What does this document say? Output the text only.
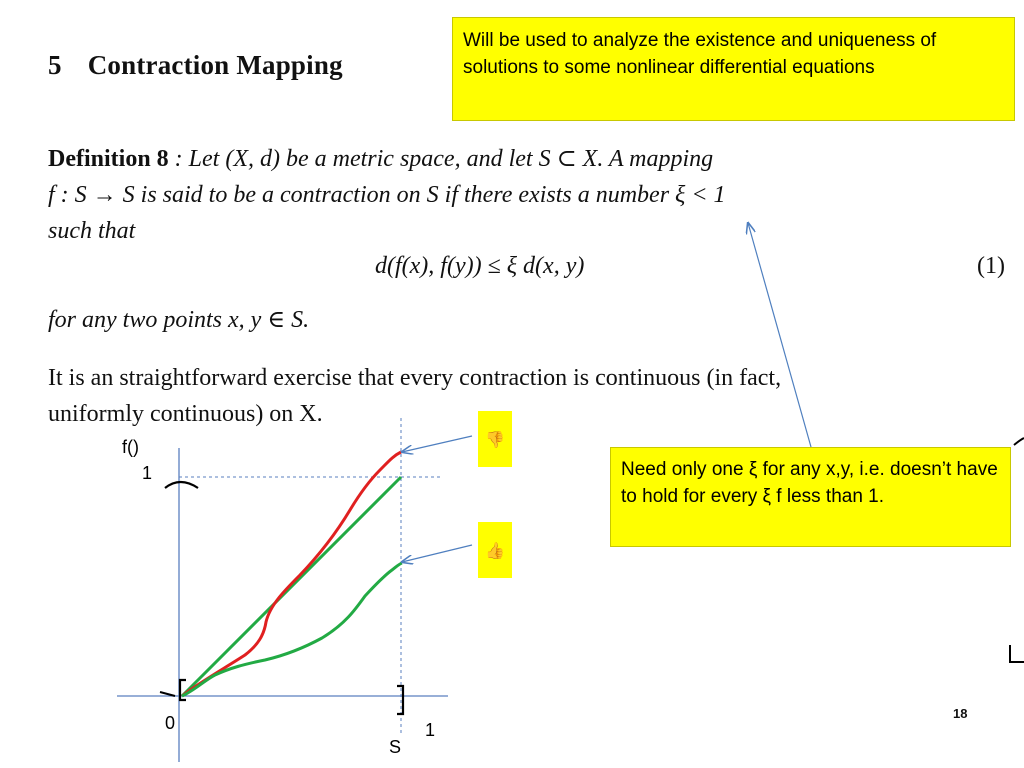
5 Contraction Mapping
Will be used to analyze the existence and uniqueness of solutions to some nonlinear differential equations
Definition 8 : Let (X, d) be a metric space, and let S ⊂ X. A mapping
f : S → S is said to be a contraction on S if there exists a number ξ < 1
such that
d(f(x), f(y)) ≤ ξ d(x, y)	(1)
for any two points x, y ∈ S.
It is an straightforward exercise that every contraction is continuous (in fact,
uniformly continuous) on X.
Need only one ξ for any x,y, i.e. doesn’t have to hold for every ξ f less than 1.
👎
👍
f()
1
0	1
S
18
